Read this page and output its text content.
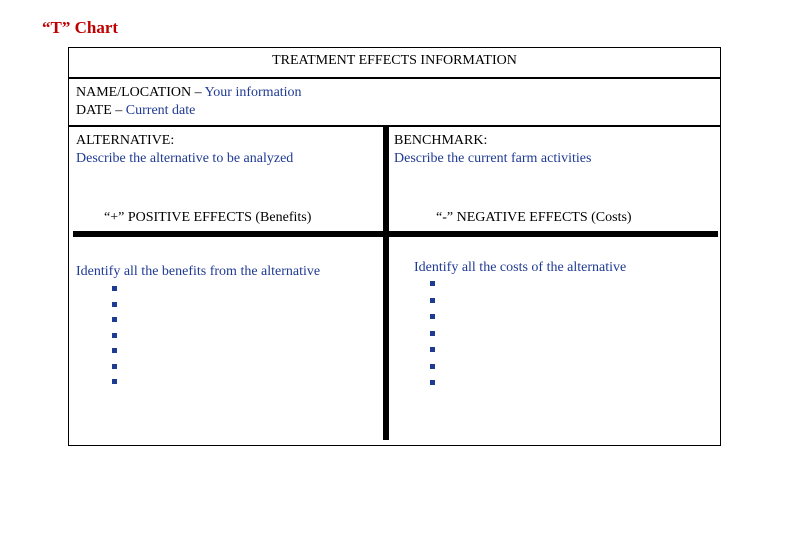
“T” Chart
TREATMENT EFFECTS INFORMATION
NAME/LOCATION – Your information
DATE – Current date
ALTERNATIVE:
Describe the alternative to be analyzed
BENCHMARK:
Describe the current farm activities
“+” POSITIVE EFFECTS (Benefits)	“-” NEGATIVE EFFECTS (Costs)
Identify all the benefits from the alternative	Identify all the costs of the alternative
